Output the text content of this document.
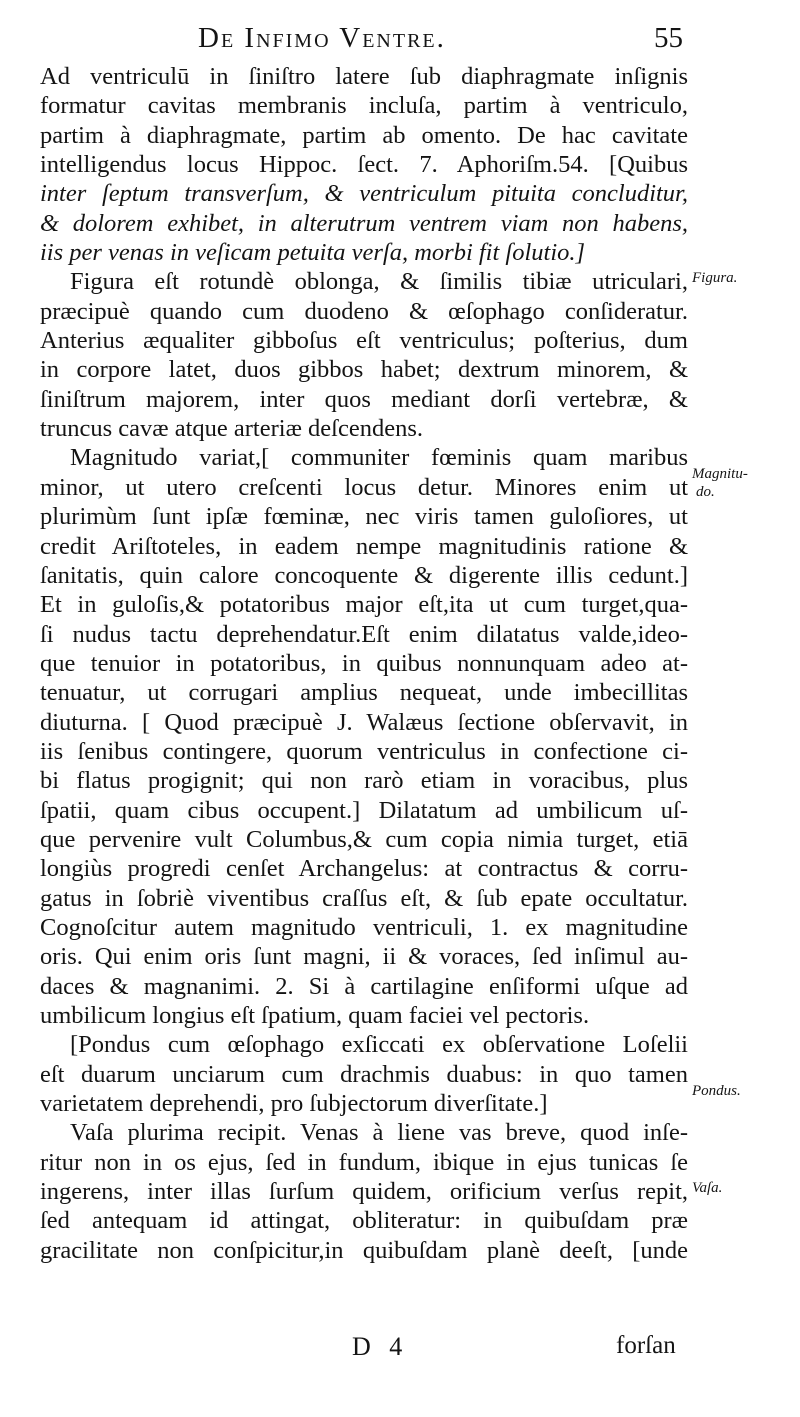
De Infimo Ventre.	55
Ad ventriculū in ſiniſtro latere ſub diaphragmate inſignis
formatur cavitas membranis incluſa, partim à ventriculo,
partim à diaphragmate, partim ab omento. De hac cavitate
intelligendus locus Hippoc. ſect. 7. Aphoriſm.54. [Quibus
inter ſeptum transverſum, & ventriculum pituita concluditur,
& dolorem exhibet, in alterutrum ventrem viam non habens,
iis per venas in veſicam petuita verſa, morbi fit ſolutio.]
Figura eſt rotundè oblonga, & ſimilis tibiæ utriculari,
præcipuè quando cum duodeno & œſophago conſideratur.
Anterius æqualiter gibboſus eſt ventriculus; poſterius, dum
in corpore latet, duos gibbos habet; dextrum minorem, &
ſiniſtrum majorem, inter quos mediant dorſi vertebræ, &
truncus cavæ atque arteriæ deſcendens.
Magnitudo variat,[ communiter fœminis quam maribus
minor, ut utero creſcenti locus detur. Minores enim ut
plurimùm ſunt ipſæ fœminæ, nec viris tamen guloſiores, ut
credit Ariſtoteles, in eadem nempe magnitudinis ratione &
ſanitatis, quin calore concoquente & digerente illis cedunt.]
Et in guloſis,& potatoribus major eſt,ita ut cum turget,qua-
ſi nudus tactu deprehendatur.Eſt enim dilatatus valde,ideo-
que tenuior in potatoribus, in quibus nonnunquam adeo at-
tenuatur, ut corrugari amplius nequeat, unde imbecillitas
diuturna. [ Quod præcipuè J. Walæus ſectione obſervavit, in
iis ſenibus contingere, quorum ventriculus in confectione ci-
bi flatus progignit; qui non rarò etiam in voracibus, plus
ſpatii, quam cibus occupent.] Dilatatum ad umbilicum uſ-
que pervenire vult Columbus,& cum copia nimia turget, etiā
longiùs progredi cenſet Archangelus: at contractus & corru-
gatus in ſobriè viventibus craſſus eſt, & ſub epate occultatur.
Cognoſcitur autem magnitudo ventriculi, 1. ex magnitudine
oris. Qui enim oris ſunt magni, ii & voraces, ſed inſimul au-
daces & magnanimi. 2. Si à cartilagine enſiformi uſque ad
umbilicum longius eſt ſpatium, quam faciei vel pectoris.
[Pondus cum œſophago exſiccati ex obſervatione Loſelii
eſt duarum unciarum cum drachmis duabus: in quo tamen
varietatem deprehendi, pro ſubjectorum diverſitate.]
Vaſa plurima recipit. Venas à liene vas breve, quod inſe-
ritur non in os ejus, ſed in fundum, ibique in ejus tunicas ſe
ingerens, inter illas ſurſum quidem, orificium verſus repit,
ſed antequam id attingat, obliteratur: in quibuſdam præ
gracilitate non conſpicitur,in quibuſdam planè deeſt, [unde
Figura.
Magnitu-
do.
Pondus.
Vaſa.
D 4	forſan
